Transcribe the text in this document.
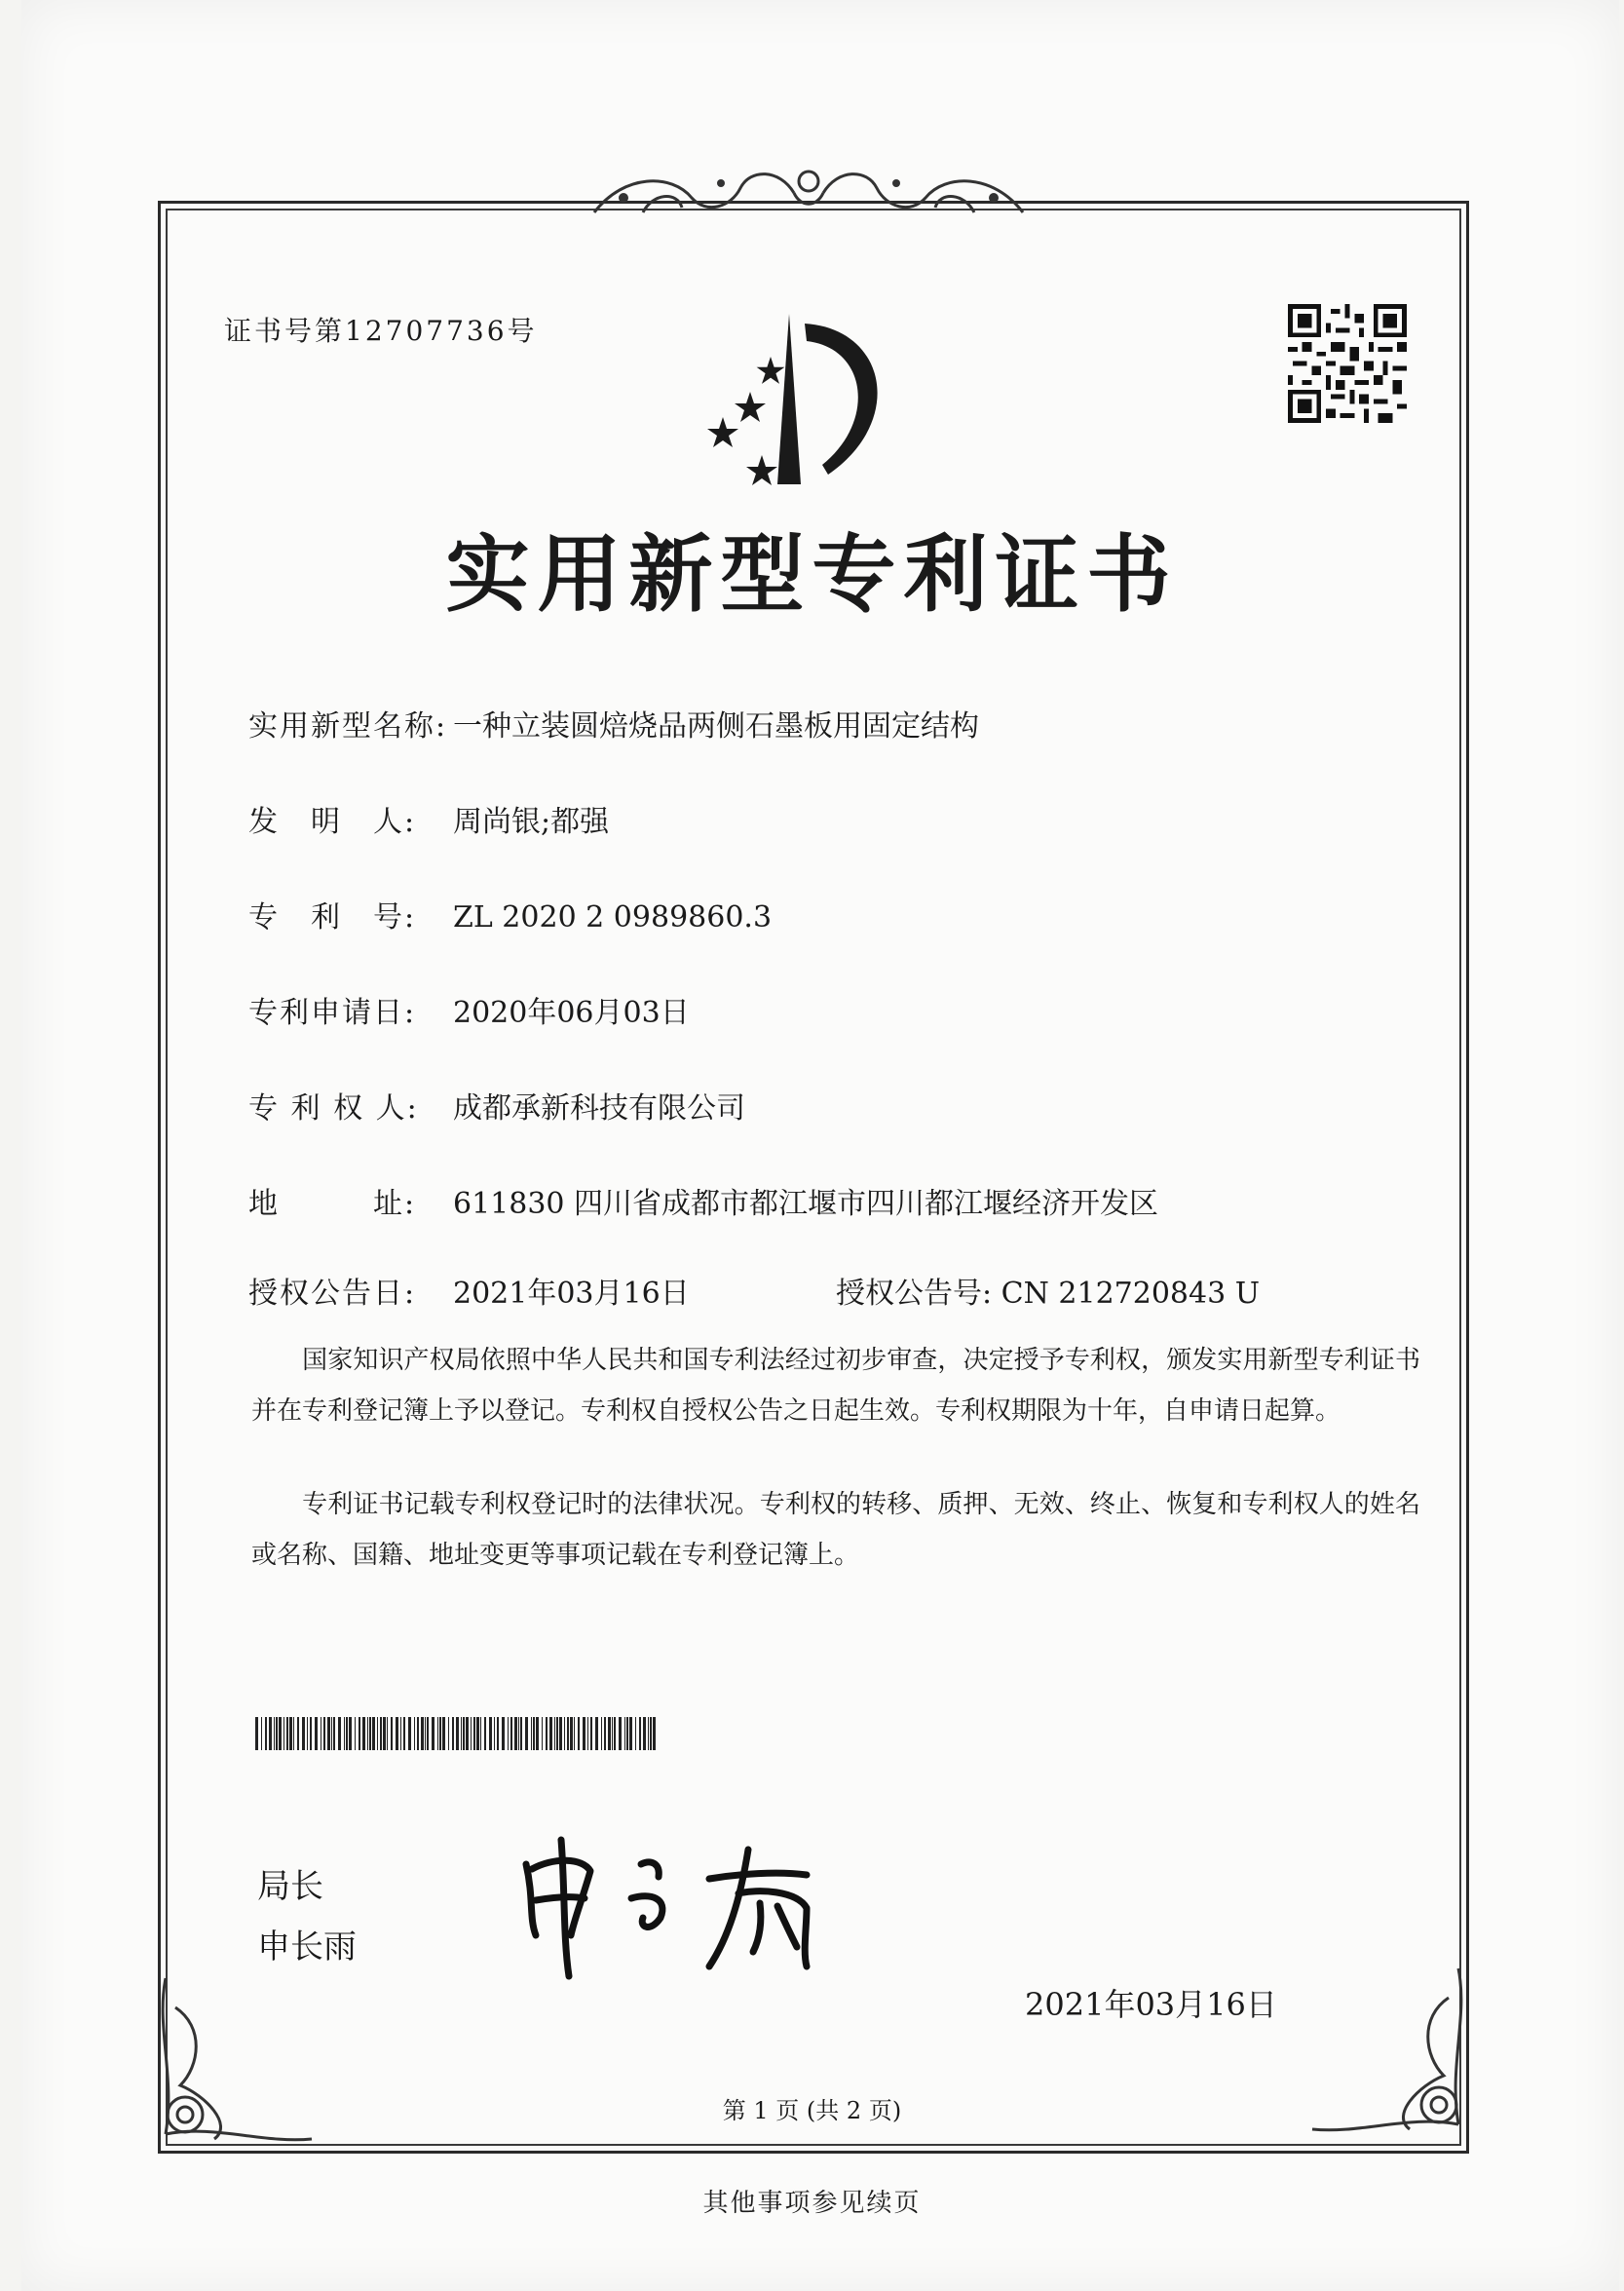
证书号第12707736号
实用新型专利证书
实用新型名称: 一种立装圆焙烧品两侧石墨板用固定结构
发　明　人: 周尚银;都强
专　利　号: ZL 2020 2 0989860.3
专利申请日: 2020年06月03日
专 利 权 人: 成都承新科技有限公司
地　　　址: 611830 四川省成都市都江堰市四川都江堰经济开发区
授权公告日: 2021年03月16日	授权公告号: CN 212720843 U
　　国家知识产权局依照中华人民共和国专利法经过初步审查，决定授予专利权，颁发实用新型专利证书并在专利登记簿上予以登记。专利权自授权公告之日起生效。专利权期限为十年，自申请日起算。
　　专利证书记载专利权登记时的法律状况。专利权的转移、质押、无效、终止、恢复和专利权人的姓名或名称、国籍、地址变更等事项记载在专利登记簿上。
局长
申长雨
2021年03月16日
第 1 页 (共 2 页)
其他事项参见续页
